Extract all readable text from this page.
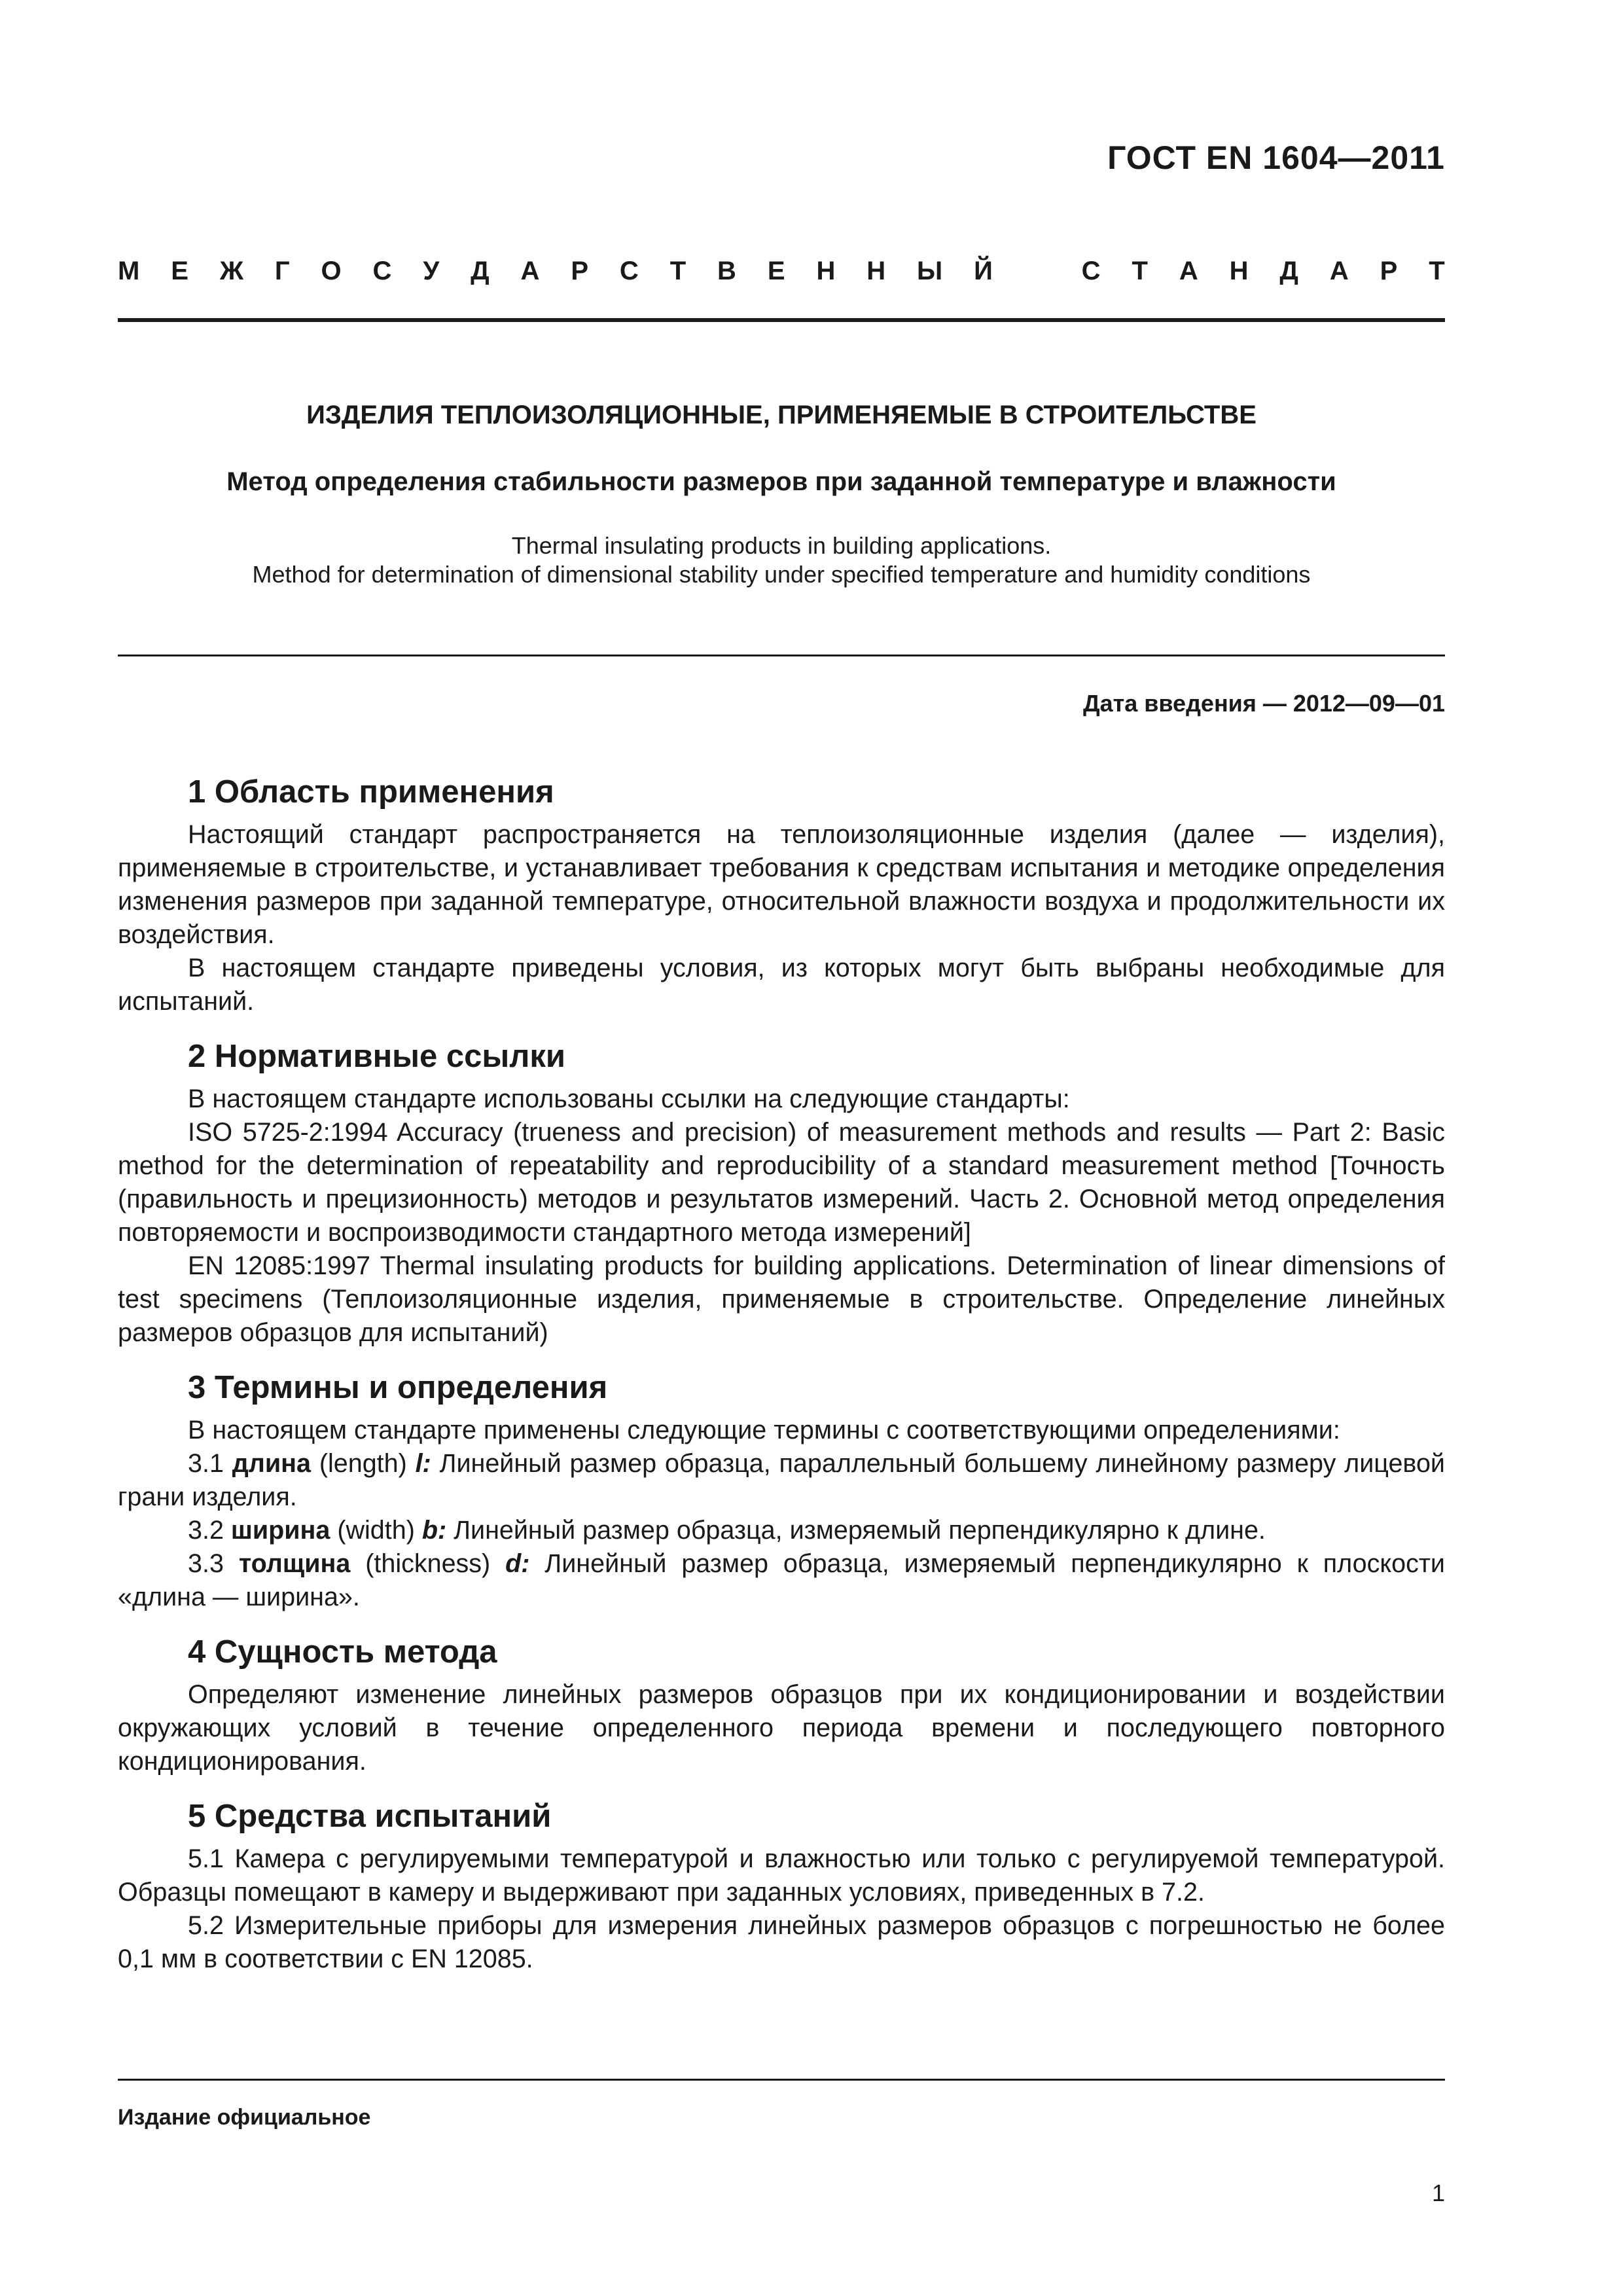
ГОСТ EN 1604—2011
М Е Ж Г О С У Д А Р С Т В Е Н Н Ы Й	С Т А Н Д А Р Т
ИЗДЕЛИЯ ТЕПЛОИЗОЛЯЦИОННЫЕ, ПРИМЕНЯЕМЫЕ В СТРОИТЕЛЬСТВЕ
Метод определения стабильности размеров при заданной температуре и влажности
Thermal insulating products in building applications.
Method for determination of dimensional stability under specified temperature and humidity conditions
Дата введения — 2012—09—01
1 Область применения

Настоящий стандарт распространяется на теплоизоляционные изделия (далее — изделия), применяемые в строительстве, и устанавливает требования к средствам испытания и методике определения изменения размеров при заданной температуре, относительной влажности воздуха и продолжительности их воздействия.

В настоящем стандарте приведены условия, из которых могут быть выбраны необходимые для испытаний.

2 Нормативные ссылки

В настоящем стандарте использованы ссылки на следующие стандарты:

ISO 5725-2:1994 Accuracy (trueness and precision) of measurement methods and results — Part 2: Basic method for the determination of repeatability and reproducibility of a standard measurement method [Точность (правильность и прецизионность) методов и результатов измерений. Часть 2. Основной метод определения повторяемости и воспроизводимости стандартного метода измерений]

EN 12085:1997 Thermal insulating products for building applications. Determination of linear dimensions of test specimens (Теплоизоляционные изделия, применяемые в строительстве. Определение линейных размеров образцов для испытаний)

3 Термины и определения

В настоящем стандарте применены следующие термины с соответствующими определениями:

3.1 длина (length) l: Линейный размер образца, параллельный большему линейному размеру лицевой грани изделия.

3.2 ширина (width) b: Линейный размер образца, измеряемый перпендикулярно к длине.

3.3 толщина (thickness) d: Линейный размер образца, измеряемый перпендикулярно к плоскости «длина — ширина».

4 Сущность метода

Определяют изменение линейных размеров образцов при их кондиционировании и воздействии окружающих условий в течение определенного периода времени и последующего повторного кондиционирования.

5 Средства испытаний

5.1 Камера с регулируемыми температурой и влажностью или только с регулируемой температурой. Образцы помещают в камеру и выдерживают при заданных условиях, приведенных в 7.2.

5.2 Измерительные приборы для измерения линейных размеров образцов с погрешностью не более 0,1 мм в соответствии с EN 12085.

Издание официальное
1
